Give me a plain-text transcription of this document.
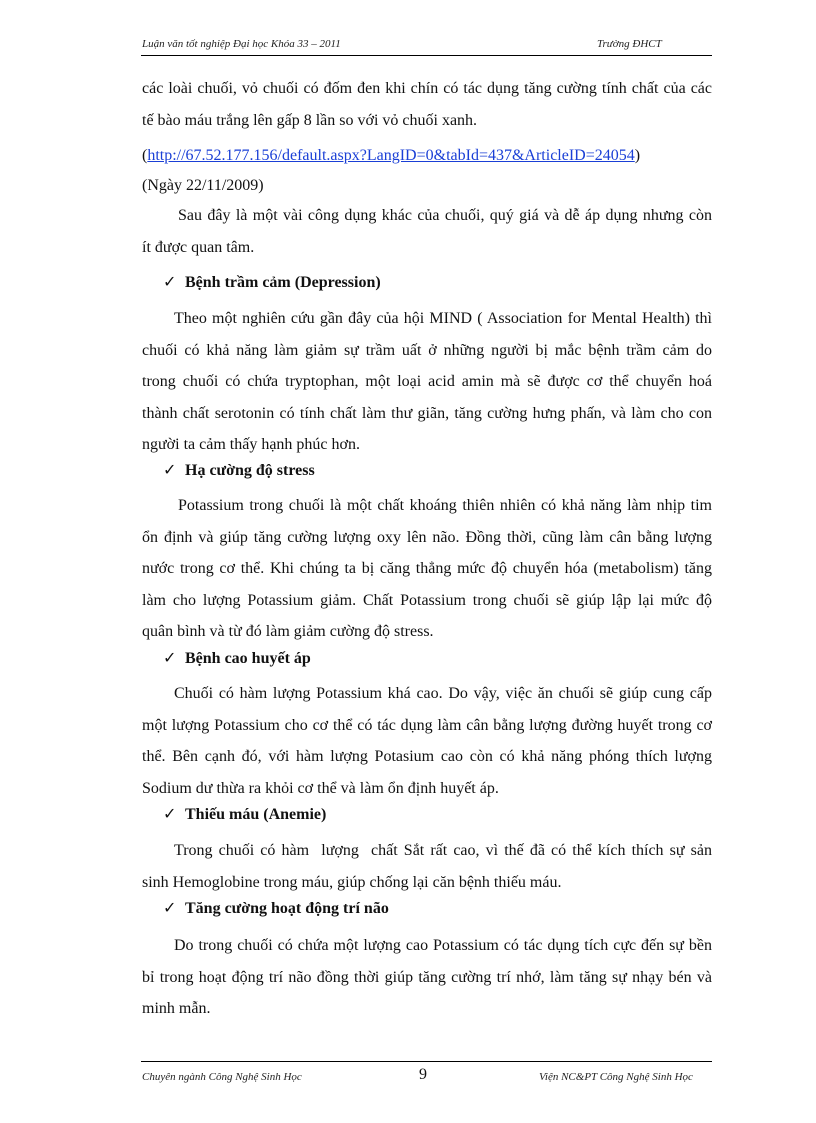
Luận văn tốt nghiệp Đại học Khóa 33 – 2011	Trường ĐHCT
các loài chuối, vỏ chuối có đốm đen khi chín có tác dụng tăng cường tính chất của các
tế bào máu trắng lên gấp 8 lần so với vỏ chuối xanh.
(http://67.52.177.156/default.aspx?LangID=0&tabId=437&ArticleID=24054)
(Ngày 22/11/2009)
Sau đây là một vài công dụng khác của chuối, quý giá và dễ áp dụng nhưng còn
ít được quan tâm.
✓ Bệnh trầm cảm (Depression)
Theo một nghiên cứu gần đây của hội MIND ( Association for Mental Health) thì
chuối có khả năng làm giảm sự trầm uất ở những người bị mắc bệnh trầm cảm do
trong chuối có chứa tryptophan, một loại acid amin mà sẽ được cơ thể chuyển hoá
thành chất serotonin có tính chất làm thư giãn, tăng cường hưng phấn, và làm cho con
người ta cảm thấy hạnh phúc hơn.
✓ Hạ cường độ stress
Potassium trong chuối là một chất khoáng thiên nhiên có khả năng làm nhịp tim
ổn định và giúp tăng cường lượng oxy lên não. Đồng thời, cũng làm cân bằng lượng
nước trong cơ thể. Khi chúng ta bị căng thẳng mức độ chuyển hóa (metabolism) tăng
làm cho lượng Potassium giảm. Chất Potassium trong chuối sẽ giúp lập lại mức độ
quân bình và từ đó làm giảm cường độ stress.
✓ Bệnh cao huyết áp
Chuối có hàm lượng Potassium khá cao. Do vậy, việc ăn chuối sẽ giúp cung cấp
một lượng Potassium cho cơ thể có tác dụng làm cân bằng lượng đường huyết trong cơ
thể. Bên cạnh đó, với hàm lượng Potasium cao còn có khả năng phóng thích lượng
Sodium dư thừa ra khỏi cơ thể và làm ổn định huyết áp.
✓ Thiếu máu (Anemie)
Trong chuối có hàm  lượng  chất Sắt rất cao, vì thế đã có thể kích thích sự sản
sinh Hemoglobine trong máu, giúp chống lại căn bệnh thiếu máu.
✓ Tăng cường hoạt động trí não
Do trong chuối có chứa một lượng cao Potassium có tác dụng tích cực đến sự bền
bỉ trong hoạt động trí não đồng thời giúp tăng cường trí nhớ, làm tăng sự nhạy bén và
minh mẫn.
Chuyên ngành Công Nghệ Sinh Học	9	Viện NC&PT Công Nghệ Sinh Học
